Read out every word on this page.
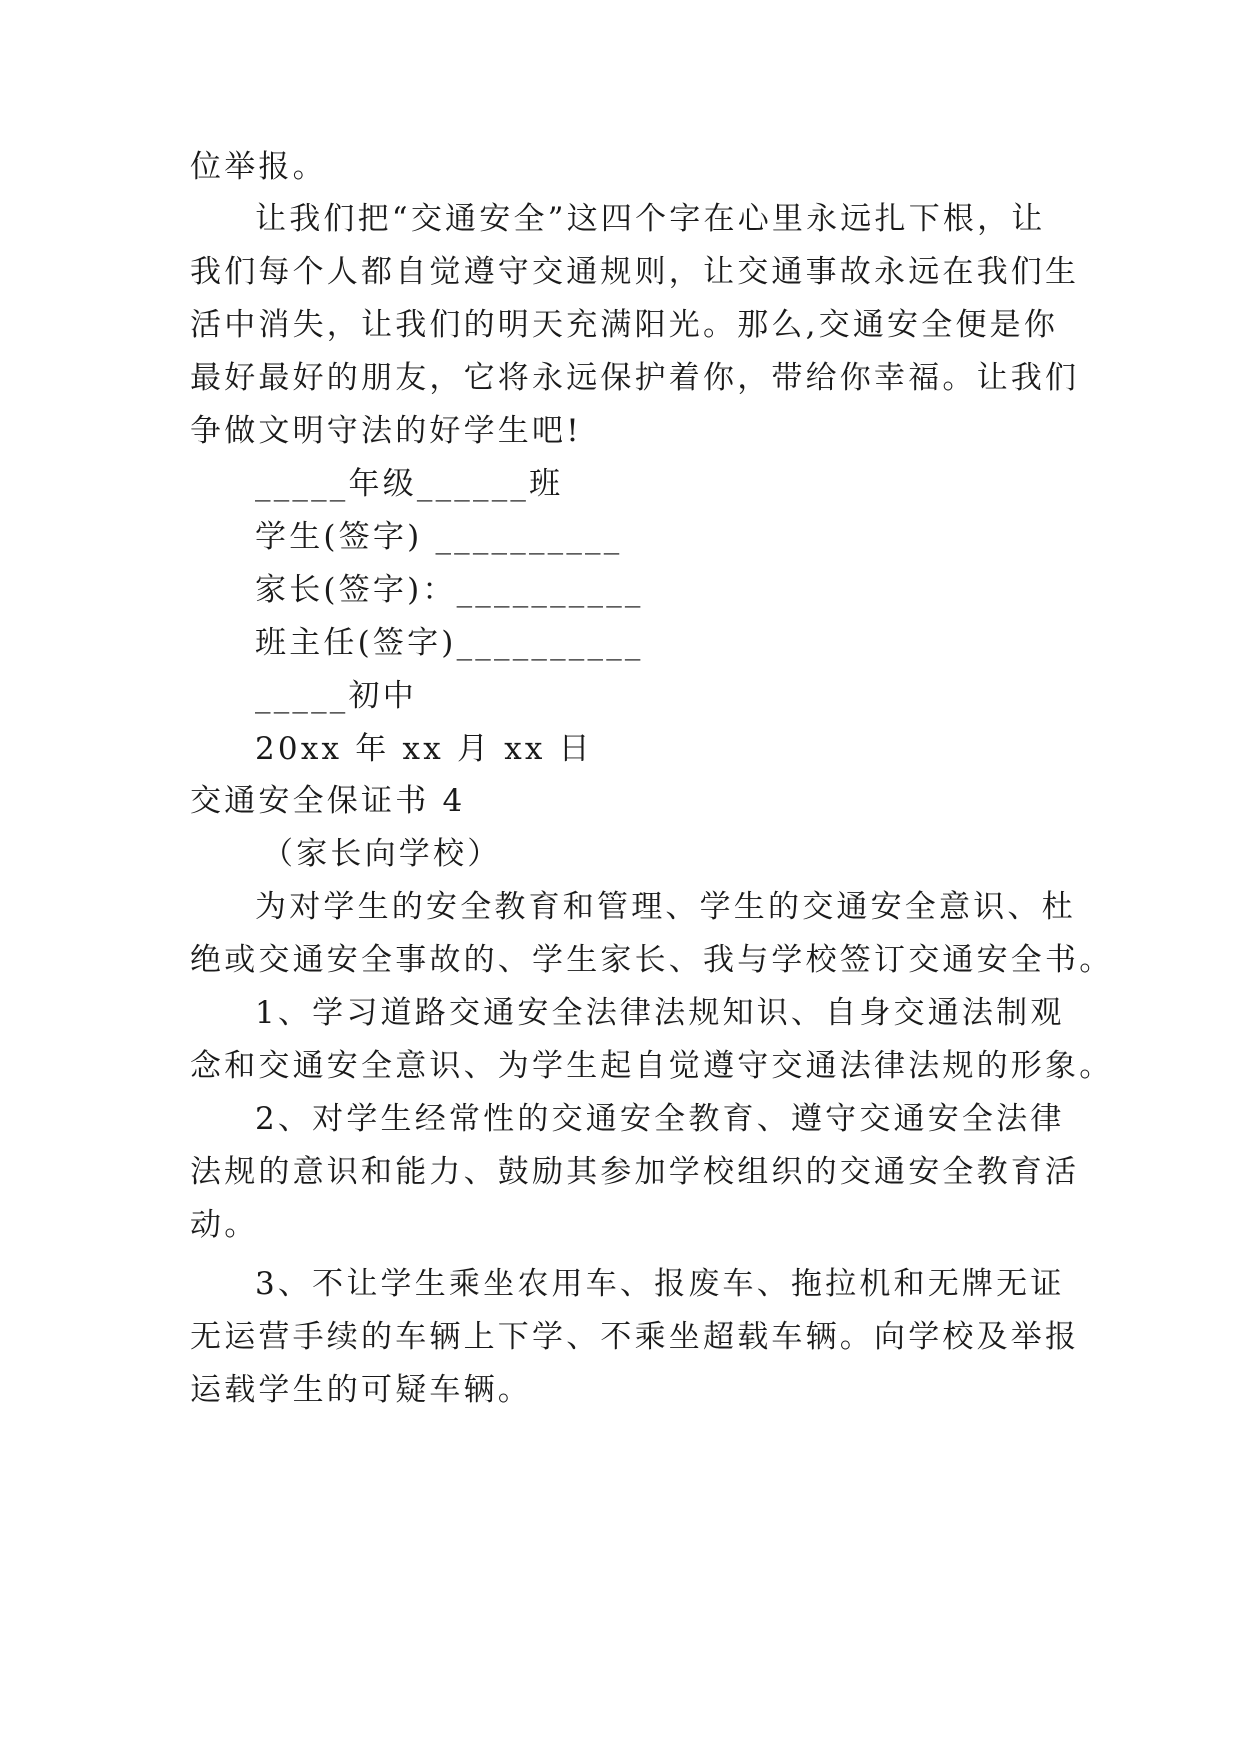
位举报。
让我们把“交通安全”这四个字在心里永远扎下根，让
我们每个人都自觉遵守交通规则，让交通事故永远在我们生
活中消失，让我们的明天充满阳光。那么,交通安全便是你
最好最好的朋友，它将永远保护着你，带给你幸福。让我们
争做文明守法的好学生吧!
_____年级______班
学生(签字) __________
家长(签字)：__________
班主任(签字)__________
_____初中
20xx 年 xx 月 xx 日
交通安全保证书 4
（家长向学校）
为对学生的安全教育和管理、学生的交通安全意识、杜
绝或交通安全事故的、学生家长、我与学校签订交通安全书。
1、学习道路交通安全法律法规知识、自身交通法制观
念和交通安全意识、为学生起自觉遵守交通法律法规的形象。
2、对学生经常性的交通安全教育、遵守交通安全法律
法规的意识和能力、鼓励其参加学校组织的交通安全教育活
动。
3、不让学生乘坐农用车、报废车、拖拉机和无牌无证
无运营手续的车辆上下学、不乘坐超载车辆。向学校及举报
运载学生的可疑车辆。
